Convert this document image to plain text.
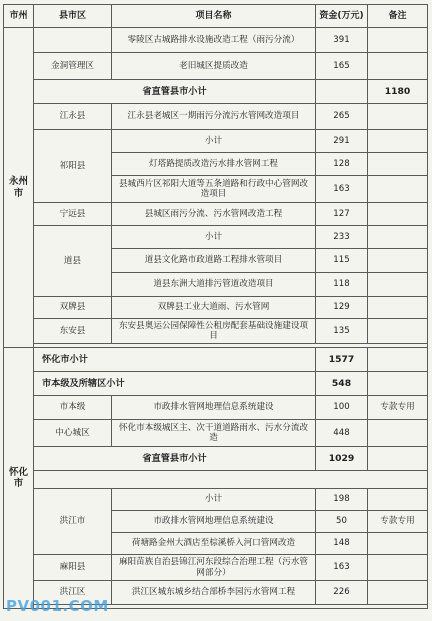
市州	县市区	项目名称	资金(万元)	备注	
永州市		零陵区古城路排水设施改造工程（雨污分流）	391		
	金洞管理区	老旧城区提质改造	165		
	省直管县市小计			1180	
	江永县	江永县老城区一期雨污分流污水管网改造项目	265		
	祁阳县	小计	291		
		灯塔路提质改造污水排水管网工程	128		
		县城西片区祁阳大道等五条道路和行政中心管网改造项目	163		
	宁远县	县城区雨污分流、污水管网改造工程	127		
	道县	小计	233		
		道县文化路市政道路工程排水管项目	115		
		道县东洲大道排污管道改造项目	118		
	双牌县	双牌县工业大道雨、污水管网	129		
	东安县	东安县奥运公园保障性公租房配套基础设施建设项目	135		

怀化市	怀化市小计		1577		
	市本级及所辖区小计		548		
	市本级	市政排水管网地理信息系统建设	100	专款专用	
	中心城区	怀化市本级城区主、次干道道路雨水、污水分流改造	448		
	省直管县市小计		1029		

	洪江市	小计	198		
		市政排水管网地理信息系统建设	50	专款专用	
		荷塘路金州大酒店至棕溪桥入河口管网改造	148		
	麻阳县	麻阳苗族自治县锦江河东段综合治理工程（污水管网部分）	163		
	洪江区	洪江区城东城乡结合部桥李园污水管网工程	226		

PV001.COM
